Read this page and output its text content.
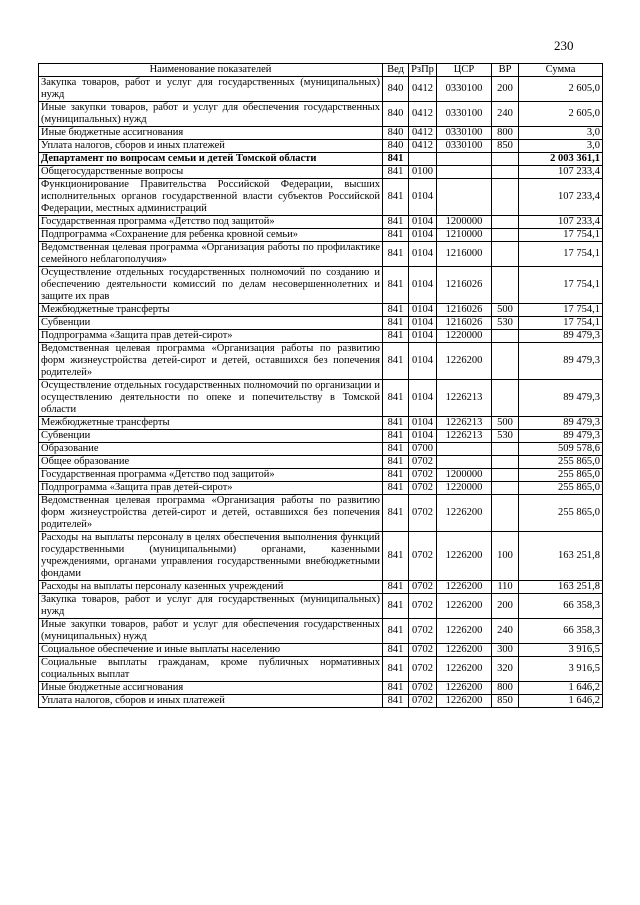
230
Наименование показателей	Вед	РзПр	ЦСР	ВР	Сумма
Закупка товаров, работ и услуг для государственных (муниципальных) нужд	840	0412	0330100	200	2 605,0
Иные закупки товаров, работ и услуг для обеспечения государственных (муниципальных) нужд	840	0412	0330100	240	2 605,0
Иные бюджетные ассигнования	840	0412	0330100	800	3,0
Уплата налогов, сборов и иных платежей	840	0412	0330100	850	3,0
Департамент по вопросам семьи и детей Томской области	841				2 003 361,1
Общегосударственные вопросы	841	0100			107 233,4
Функционирование Правительства Российской Федерации, высших исполнительных органов государственной власти субъектов Российской Федерации, местных администраций	841	0104			107 233,4
Государственная программа «Детство под защитой»	841	0104	1200000		107 233,4
Подпрограмма «Сохранение для ребенка кровной семьи»	841	0104	1210000		17 754,1
Ведомственная целевая программа «Организация работы по профилактике семейного неблагополучия»	841	0104	1216000		17 754,1
Осуществление отдельных государственных полномочий по созданию и обеспечению деятельности комиссий по делам несовершеннолетних и защите их прав	841	0104	1216026		17 754,1
Межбюджетные трансферты	841	0104	1216026	500	17 754,1
Субвенции	841	0104	1216026	530	17 754,1
Подпрограмма «Защита прав детей-сирот»	841	0104	1220000		89 479,3
Ведомственная целевая программа «Организация работы по развитию форм жизнеустройства детей-сирот и детей, оставшихся без попечения родителей»	841	0104	1226200		89 479,3
Осуществление отдельных государственных полномочий по организации и осуществлению деятельности по опеке и попечительству в Томской области	841	0104	1226213		89 479,3
Межбюджетные трансферты	841	0104	1226213	500	89 479,3
Субвенции	841	0104	1226213	530	89 479,3
Образование	841	0700			509 578,6
Общее образование	841	0702			255 865,0
Государственная программа «Детство под защитой»	841	0702	1200000		255 865,0
Подпрограмма «Защита прав детей-сирот»	841	0702	1220000		255 865,0
Ведомственная целевая программа «Организация работы по развитию форм жизнеустройства детей-сирот и детей, оставшихся без попечения родителей»	841	0702	1226200		255 865,0
Расходы на выплаты персоналу в целях обеспечения выполнения функций государственными (муниципальными) органами, казенными учреждениями, органами управления государственными внебюджетными фондами	841	0702	1226200	100	163 251,8
Расходы на выплаты персоналу казенных учреждений	841	0702	1226200	110	163 251,8
Закупка товаров, работ и услуг для государственных (муниципальных) нужд	841	0702	1226200	200	66 358,3
Иные закупки товаров, работ и услуг для обеспечения государственных (муниципальных) нужд	841	0702	1226200	240	66 358,3
Социальное обеспечение и иные выплаты населению	841	0702	1226200	300	3 916,5
Социальные выплаты гражданам, кроме публичных нормативных социальных выплат	841	0702	1226200	320	3 916,5
Иные бюджетные ассигнования	841	0702	1226200	800	1 646,2
Уплата налогов, сборов и иных платежей	841	0702	1226200	850	1 646,2
